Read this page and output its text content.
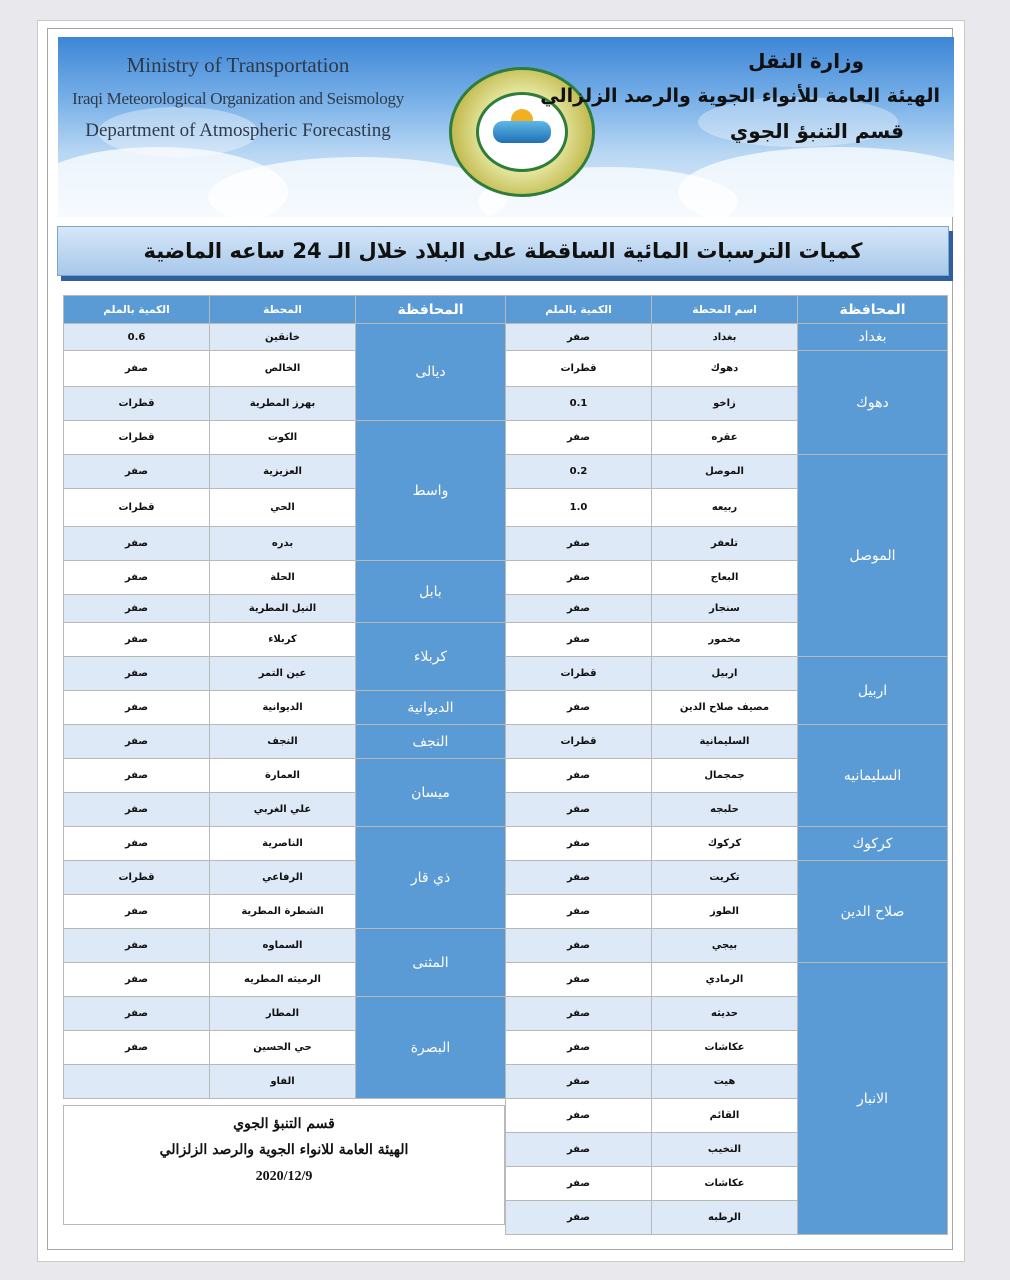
Ministry of Transportation
Iraqi Meteorological Organization and Seismology
Department of Atmospheric Forecasting
وزارة النقل
الهيئة العامة للأنواء الجوية والرصد الزلزالي
قسم التنبؤ الجوي
كميات الترسبات المائية الساقطة على البلاد خلال الـ 24 ساعه الماضية
المحافظة	اسم المحطة	الكمية بالملم
بغداد	بغداد	صفر
دهوك	دهوك	قطرات
	زاخو	0.1
	عقره	صفر
الموصل	الموصل	0.2
	ربيعه	1.0
	تلعفر	صفر
	البعاج	صفر
	سنجار	صفر
	مخمور	صفر
اربيل	اربيل	قطرات
	مصيف صلاح الدين	صفر
السليمانيه	السليمانية	قطرات
	جمجمال	صفر
	حلبجه	صفر
كركوك	كركوك	صفر
صلاح الدين	تكريت	صفر
	الطوز	صفر
	بيجي	صفر
الانبار	الرمادي	صفر
	حديثه	صفر
	عكاشات	صفر
	هيت	صفر
	القائم	صفر
	النخيب	صفر
	عكاشات	صفر
	الرطبه	صفر
المحافظة	المحطة	الكمية بالملم
ديالى	خانقين	0.6
	الخالص	صفر
	بهرز المطرية	قطرات
واسط	الكوت	قطرات
	العزيزية	صفر
	الحي	قطرات
	بدره	صفر
بابل	الحلة	صفر
	النيل المطرية	صفر
كربلاء	كربلاء	صفر
	عين التمر	صفر
الديوانية	الديوانية	صفر
النجف	النجف	صفر
ميسان	العمارة	صفر
	علي الغربي	صفر
ذي قار	الناصرية	صفر
	الرفاعي	قطرات
	الشطرة المطرية	صفر
المثنى	السماوه	صفر
	الرميثه المطريه	صفر
البصرة	المطار	صفر
	حي الحسين	صفر
	الفاو	
قسم التنبؤ الجوي
الهيئة العامة للانواء الجوية والرصد الزلزالي
2020/12/9
